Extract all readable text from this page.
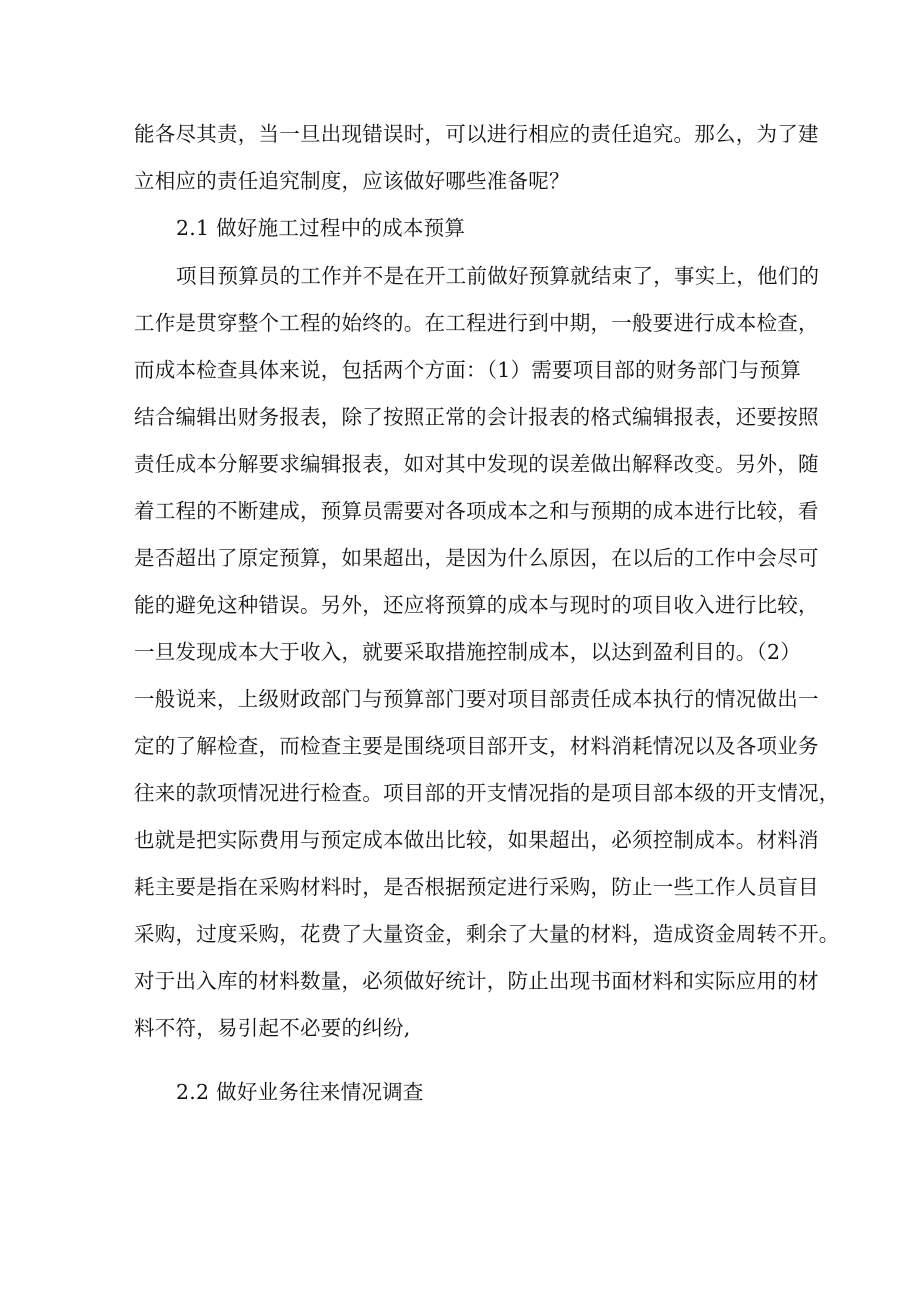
能各尽其责，当一旦出现错误时，可以进行相应的责任追究。那么，为了建
立相应的责任追究制度，应该做好哪些准备呢？
2.1 做好施工过程中的成本预算
项目预算员的工作并不是在开工前做好预算就结束了，事实上，他们的
工作是贯穿整个工程的始终的。在工程进行到中期，一般要进行成本检查，
而成本检查具体来说，包括两个方面：（1）需要项目部的财务部门与预算
结合编辑出财务报表，除了按照正常的会计报表的格式编辑报表，还要按照
责任成本分解要求编辑报表，如对其中发现的误差做出解释改变。另外，随
着工程的不断建成，预算员需要对各项成本之和与预期的成本进行比较，看
是否超出了原定预算，如果超出，是因为什么原因，在以后的工作中会尽可
能的避免这种错误。另外，还应将预算的成本与现时的项目收入进行比较，
一旦发现成本大于收入，就要采取措施控制成本，以达到盈利目的。（2）
一般说来，上级财政部门与预算部门要对项目部责任成本执行的情况做出一
定的了解检查，而检查主要是围绕项目部开支，材料消耗情况以及各项业务
往来的款项情况进行检查。项目部的开支情况指的是项目部本级的开支情况，
也就是把实际费用与预定成本做出比较，如果超出，必须控制成本。材料消
耗主要是指在采购材料时，是否根据预定进行采购，防止一些工作人员盲目
采购，过度采购，花费了大量资金，剩余了大量的材料，造成资金周转不开。
对于出入库的材料数量，必须做好统计，防止出现书面材料和实际应用的材
料不符，易引起不必要的纠纷,
2.2 做好业务往来情况调查
